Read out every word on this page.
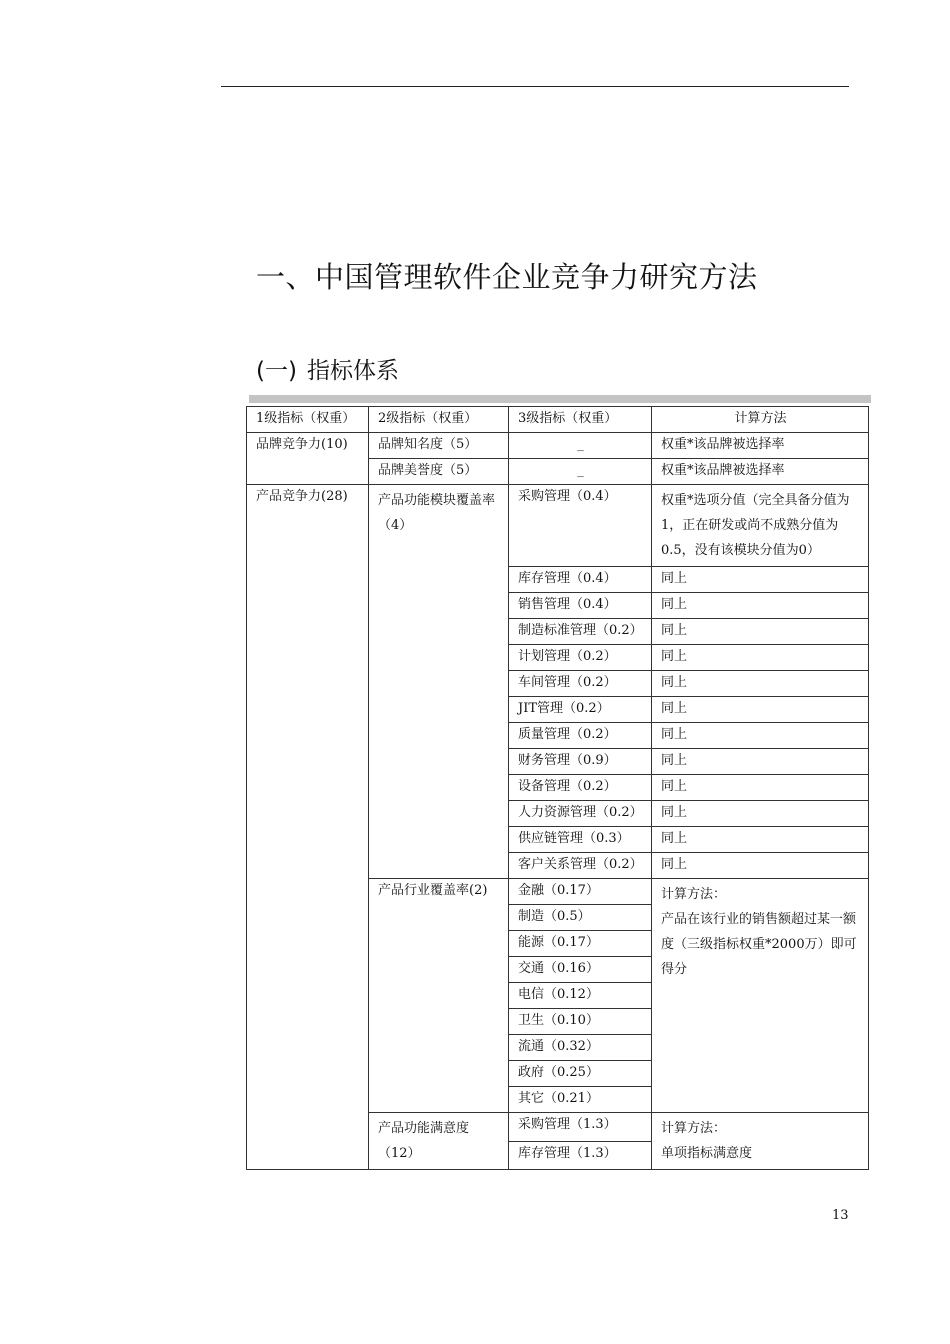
一、中国管理软件企业竞争力研究方法
(一) 指标体系
1级指标（权重）	2级指标（权重）	3级指标（权重）	计算方法
品牌竞争力(10)	品牌知名度（5）	_	权重*该品牌被选择率
	品牌美誉度（5）	_	权重*该品牌被选择率
产品竞争力(28)	产品功能模块覆盖率（4）	采购管理（0.4）	权重*选项分值（完全具备分值为1，正在研发或尚不成熟分值为0.5，没有该模块分值为0）
		库存管理（0.4）	同上
		销售管理（0.4）	同上
		制造标准管理（0.2）	同上
		计划管理（0.2）	同上
		车间管理（0.2）	同上
		JIT管理（0.2）	同上
		质量管理（0.2）	同上
		财务管理（0.9）	同上
		设备管理（0.2）	同上
		人力资源管理（0.2）	同上
		供应链管理（0.3）	同上
		客户关系管理（0.2）	同上
	产品行业覆盖率(2)	金融（0.17）	计算方法：
产品在该行业的销售额超过某一额度（三级指标权重*2000万）即可得分
		制造（0.5）	
		能源（0.17）	
		交通（0.16）	
		电信（0.12）	
		卫生（0.10）	
		流通（0.32）	
		政府（0.25）	
		其它（0.21）	
	产品功能满意度（12）	采购管理（1.3）	计算方法：
单项指标满意度
		库存管理（1.3）	
13
